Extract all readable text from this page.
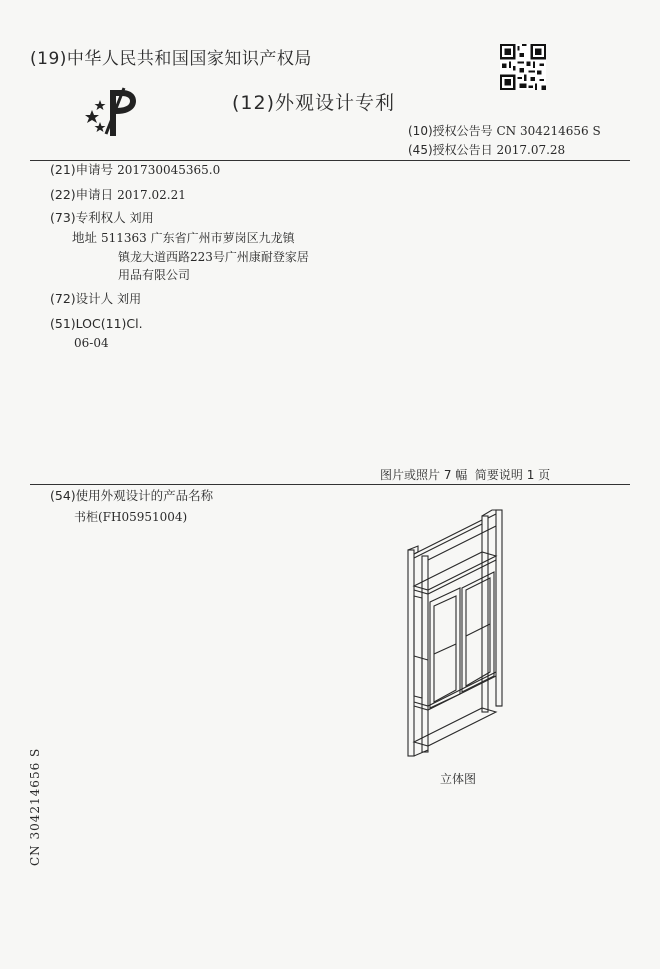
(19)中华人民共和国国家知识产权局
(12)外观设计专利
(10)授权公告号 CN 304214656 S
(45)授权公告日 2017.07.28
(21)申请号 201730045365.0
(22)申请日 2017.02.21
(73)专利权人 刘用
地址 511363 广东省广州市萝岗区九龙镇
镇龙大道西路223号广州康耐登家居
用品有限公司
(72)设计人 刘用
(51)LOC(11)Cl.
06-04
图片或照片 7 幅  简要说明 1 页
(54)使用外观设计的产品名称
书柜(FH05951004)
立体图
CN 304214656 S
